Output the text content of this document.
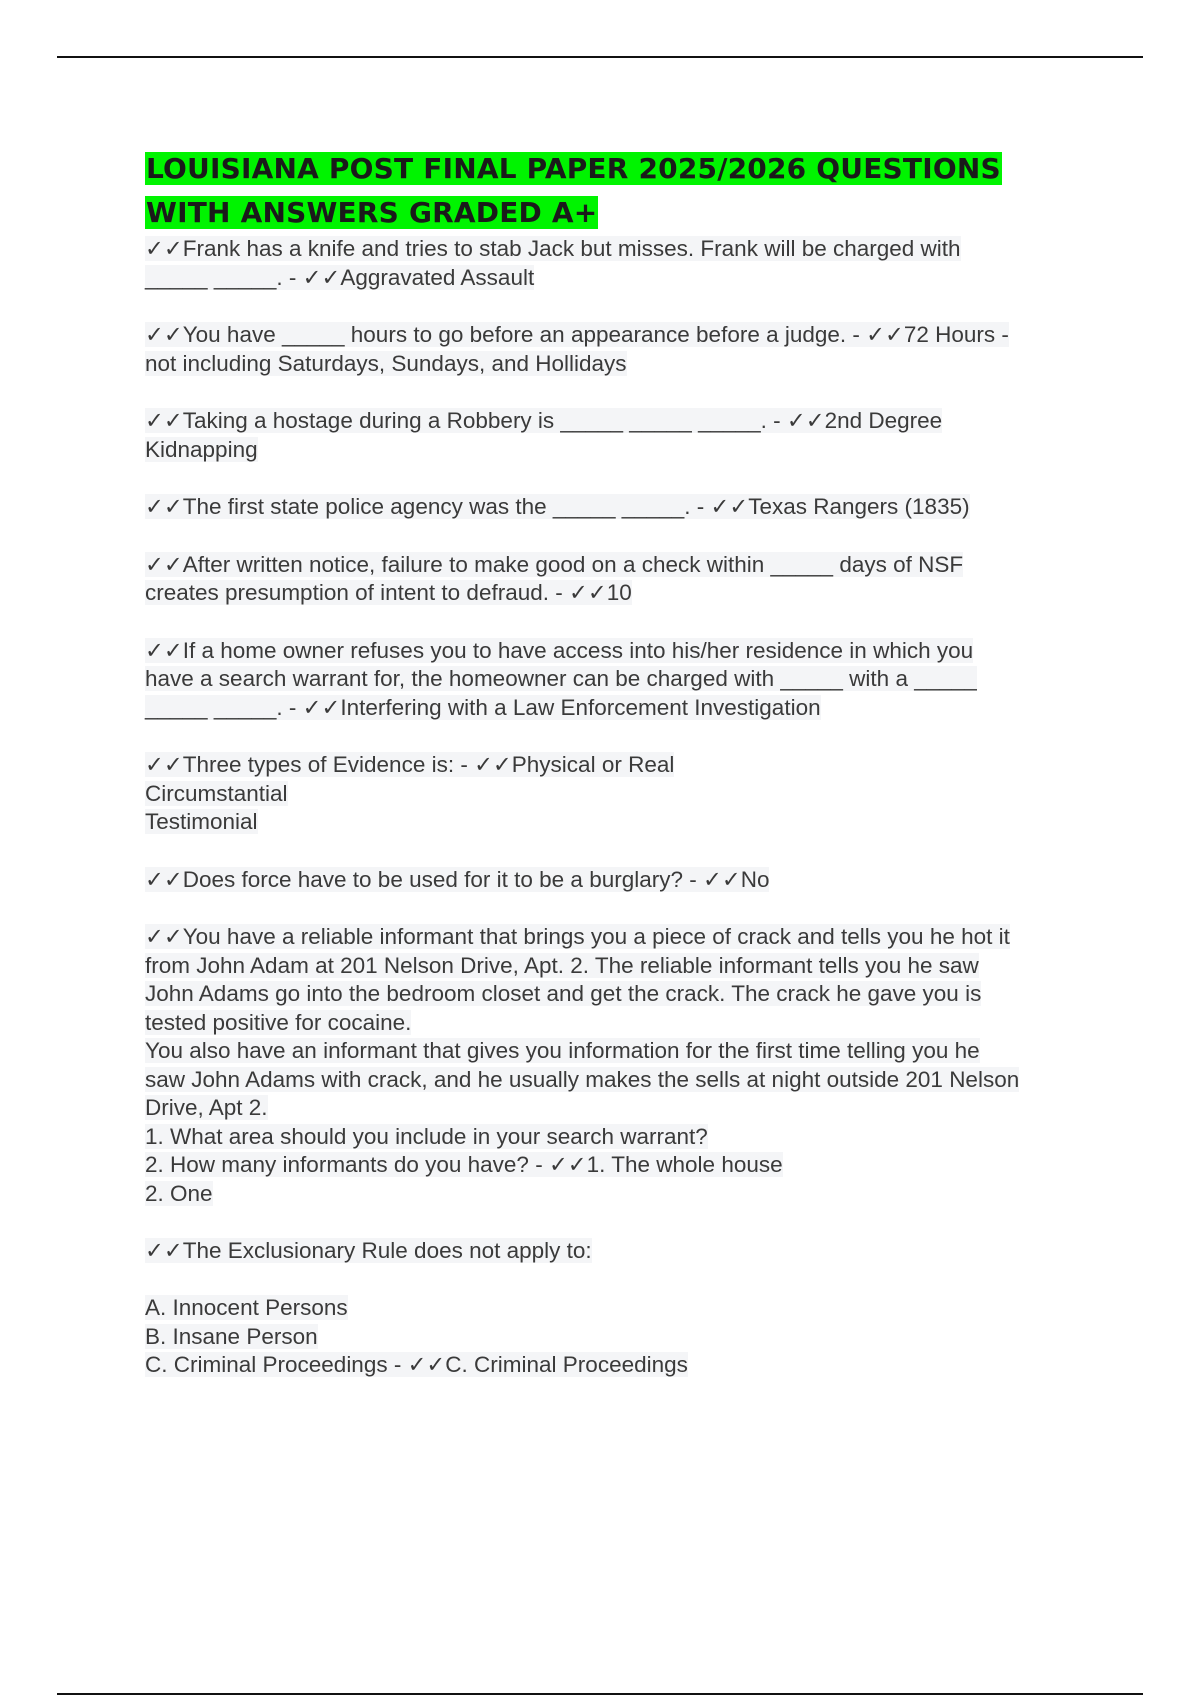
LOUISIANA POST FINAL PAPER 2025/2026 QUESTIONS
WITH ANSWERS GRADED A+

✓✓Frank has a knife and tries to stab Jack but misses. Frank will be charged with
_____ _____. - ✓✓Aggravated Assault

✓✓You have _____ hours to go before an appearance before a judge. - ✓✓72 Hours -
not including Saturdays, Sundays, and Hollidays

✓✓Taking a hostage during a Robbery is _____ _____ _____. - ✓✓2nd Degree
Kidnapping

✓✓The first state police agency was the _____ _____. - ✓✓Texas Rangers (1835)

✓✓After written notice, failure to make good on a check within _____ days of NSF
creates presumption of intent to defraud. - ✓✓10

✓✓If a home owner refuses you to have access into his/her residence in which you
have a search warrant for, the homeowner can be charged with _____ with a _____
_____ _____. - ✓✓Interfering with a Law Enforcement Investigation

✓✓Three types of Evidence is: - ✓✓Physical or Real
Circumstantial
Testimonial

✓✓Does force have to be used for it to be a burglary? - ✓✓No

✓✓You have a reliable informant that brings you a piece of crack and tells you he hot it
from John Adam at 201 Nelson Drive, Apt. 2. The reliable informant tells you he saw
John Adams go into the bedroom closet and get the crack. The crack he gave you is
tested positive for cocaine.
You also have an informant that gives you information for the first time telling you he
saw John Adams with crack, and he usually makes the sells at night outside 201 Nelson
Drive, Apt 2.
1. What area should you include in your search warrant?
2. How many informants do you have? - ✓✓1. The whole house
2. One

✓✓The Exclusionary Rule does not apply to:

A. Innocent Persons
B. Insane Person
C. Criminal Proceedings - ✓✓C. Criminal Proceedings
